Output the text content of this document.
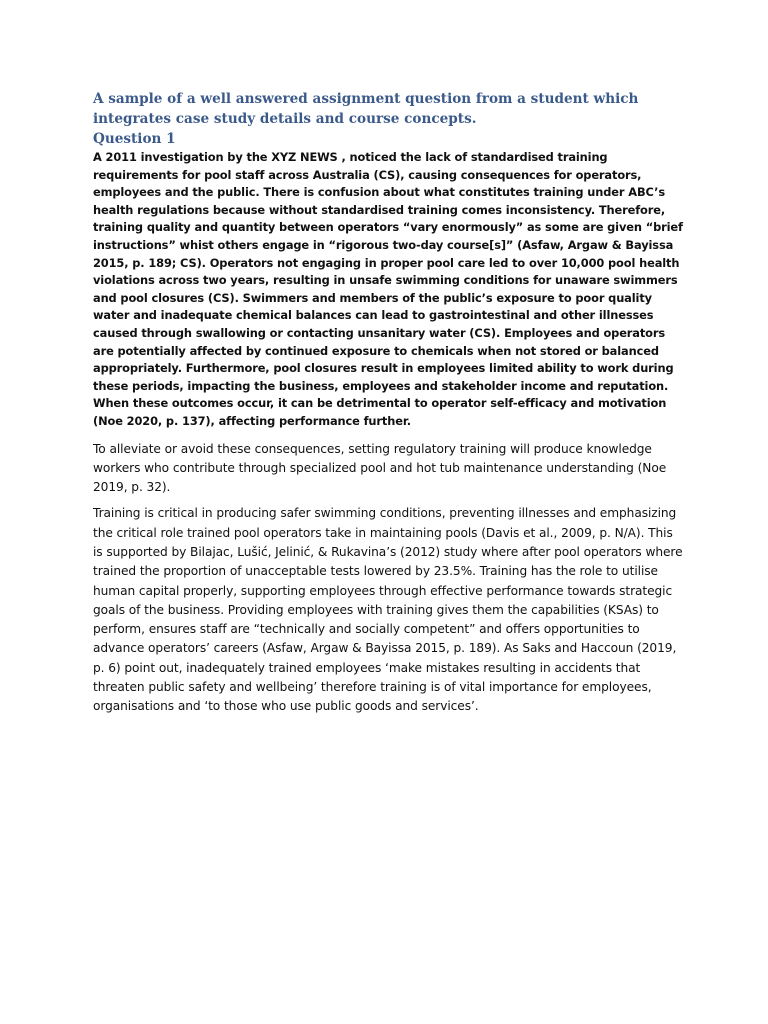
A sample of a well answered assignment question from a student which
integrates case study details and course concepts.
Question 1

A 2011 investigation by the XYZ NEWS , noticed the lack of standardised training requirements for pool staff across Australia (CS), causing consequences for operators, employees and the public. There is confusion about what constitutes training under ABC’s health regulations because without standardised training comes inconsistency. Therefore, training quality and quantity between operators “vary enormously” as some are given “brief instructions” whist others engage in “rigorous two-day course[s]” (Asfaw, Argaw & Bayissa 2015, p. 189; CS). Operators not engaging in proper pool care led to over 10,000 pool health violations across two years, resulting in unsafe swimming conditions for unaware swimmers and pool closures (CS). Swimmers and members of the public’s exposure to poor quality water and inadequate chemical balances can lead to gastrointestinal and other illnesses caused through swallowing or contacting unsanitary water (CS). Employees and operators are potentially affected by continued exposure to chemicals when not stored or balanced appropriately. Furthermore, pool closures result in employees limited ability to work during these periods, impacting the business, employees and stakeholder income and reputation. When these outcomes occur, it can be detrimental to operator self-efficacy and motivation (Noe 2020, p. 137), affecting performance further.

To alleviate or avoid these consequences, setting regulatory training will produce knowledge workers who contribute through specialized pool and hot tub maintenance understanding (Noe 2019, p. 32).

Training is critical in producing safer swimming conditions, preventing illnesses and emphasizing the critical role trained pool operators take in maintaining pools (Davis et al., 2009, p. N/A). This is supported by Bilajac, Lušić, Jelinić, & Rukavina’s (2012) study where after pool operators where trained the proportion of unacceptable tests lowered by 23.5%. Training has the role to utilise human capital properly, supporting employees through effective performance towards strategic goals of the business. Providing employees with training gives them the capabilities (KSAs) to perform, ensures staff are “technically and socially competent” and offers opportunities to advance operators’ careers (Asfaw, Argaw & Bayissa 2015, p. 189). As Saks and Haccoun (2019, p. 6) point out, inadequately trained employees ‘make mistakes resulting in accidents that threaten public safety and wellbeing’ therefore training is of vital importance for employees, organisations and ‘to those who use public goods and services’.
